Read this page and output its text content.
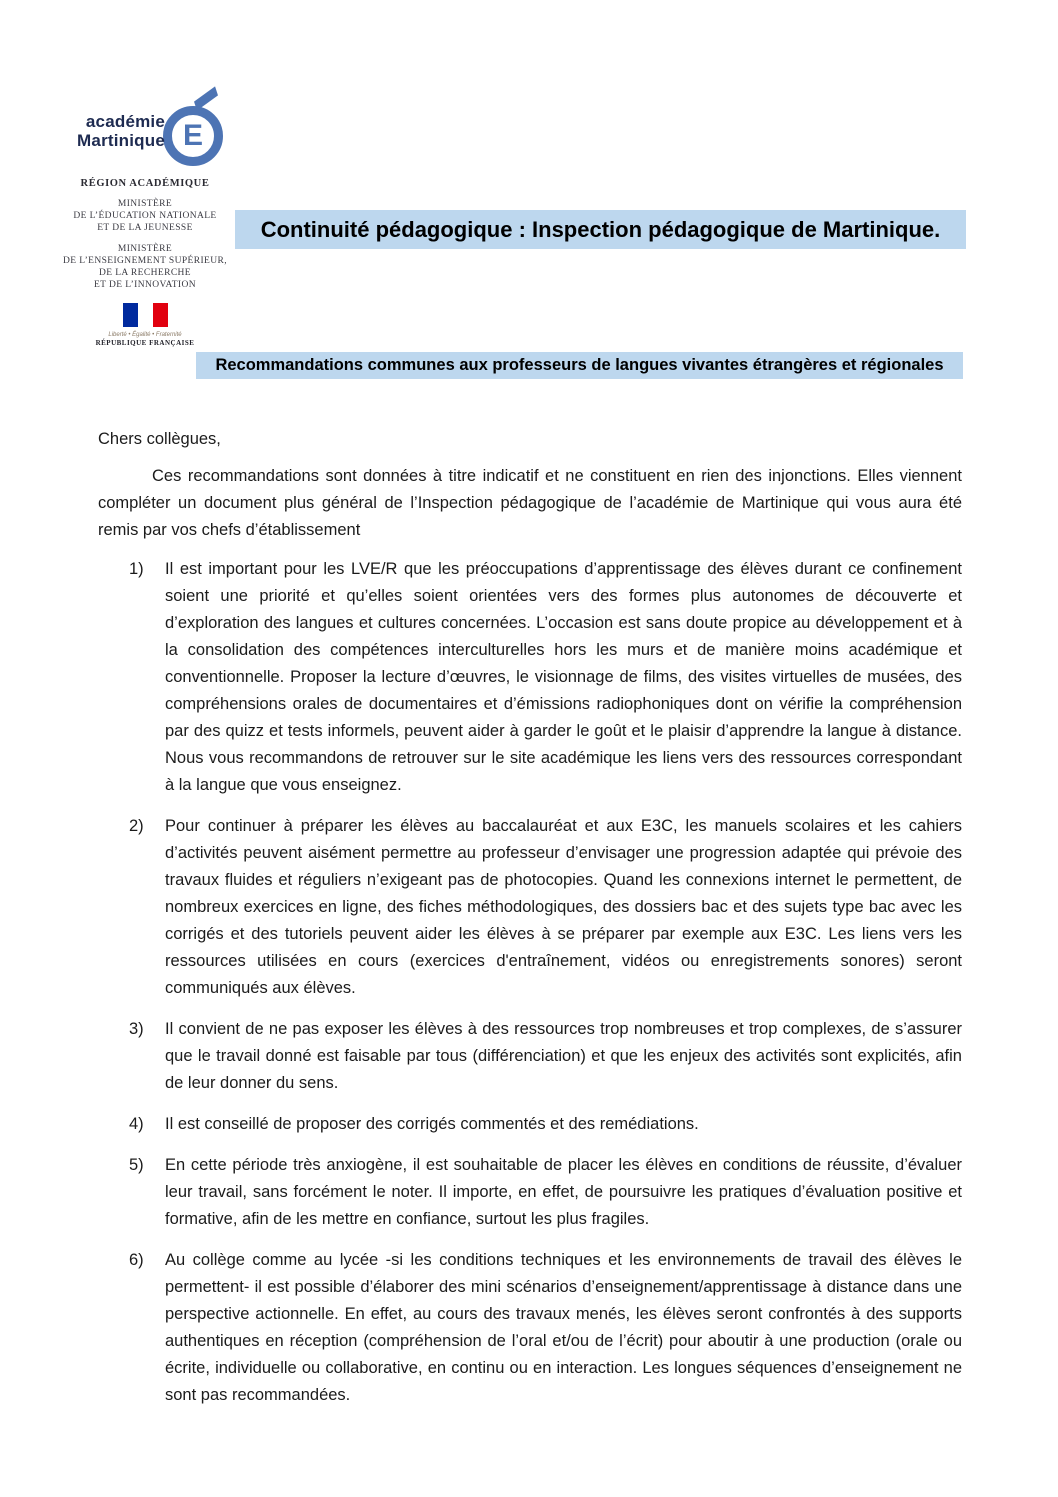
académie
Martinique E
RÉGION ACADÉMIQUE
MINISTÈRE
DE L’ÉDUCATION NATIONALE
ET DE LA JEUNESSE
MINISTÈRE
DE L’ENSEIGNEMENT SUPÉRIEUR,
DE LA RECHERCHE
ET DE L’INNOVATION
Liberté • Égalité • Fraternité
RÉPUBLIQUE FRANÇAISE
Continuité pédagogique : Inspection pédagogique de Martinique.
Recommandations communes aux professeurs de langues vivantes étrangères et régionales
Chers collègues,
Ces recommandations sont données à titre indicatif et ne constituent en rien des injonctions. Elles viennent compléter un document plus général de l’Inspection pédagogique de l’académie de Martinique qui vous aura été remis par vos chefs d’établissement
1)	Il est important pour les LVE/R que les préoccupations d’apprentissage des élèves durant ce confinement soient une priorité et qu’elles soient orientées vers des formes plus autonomes de découverte et d’exploration des langues et cultures concernées. L’occasion est sans doute propice au développement et à la consolidation des compétences interculturelles hors les murs et de manière moins académique et conventionnelle. Proposer la lecture d’œuvres, le visionnage de films, des visites virtuelles de musées, des compréhensions orales de documentaires et d’émissions radiophoniques dont on vérifie la compréhension par des quizz et tests informels, peuvent aider à garder le goût et le plaisir d’apprendre la langue à distance. Nous vous recommandons de retrouver sur le site académique les liens vers des ressources correspondant à la langue que vous enseignez.
2)	Pour continuer à préparer les élèves au baccalauréat et aux E3C, les manuels scolaires et les cahiers d’activités peuvent aisément permettre au professeur d’envisager une progression adaptée qui prévoie des travaux fluides et réguliers n’exigeant pas de photocopies. Quand les connexions internet le permettent, de nombreux exercices en ligne, des fiches méthodologiques, des dossiers bac et des sujets type bac avec les corrigés et des tutoriels peuvent aider les élèves à se préparer par exemple aux E3C. Les liens vers les ressources utilisées en cours (exercices d'entraînement, vidéos ou enregistrements sonores) seront communiqués aux élèves.
3)	Il convient de ne pas exposer les élèves à des ressources trop nombreuses et trop complexes, de s’assurer que le travail donné est faisable par tous (différenciation) et que les enjeux des activités sont explicités, afin de leur donner du sens.
4)	Il est conseillé de proposer des corrigés commentés et des remédiations.
5)	En cette période très anxiogène, il est souhaitable de placer les élèves en conditions de réussite, d’évaluer leur travail, sans forcément le noter. Il importe, en effet, de poursuivre les pratiques d’évaluation positive et formative, afin de les mettre en confiance, surtout les plus fragiles.
6)	Au collège comme au lycée -si les conditions techniques et les environnements de travail des élèves le permettent- il est possible d’élaborer des mini scénarios d’enseignement/apprentissage à distance dans une perspective actionnelle. En effet, au cours des travaux menés, les élèves seront confrontés à des supports authentiques en réception (compréhension de l’oral et/ou de l’écrit) pour aboutir à une production (orale ou écrite, individuelle ou collaborative, en continu ou en interaction. Les longues séquences d’enseignement ne sont pas recommandées.
